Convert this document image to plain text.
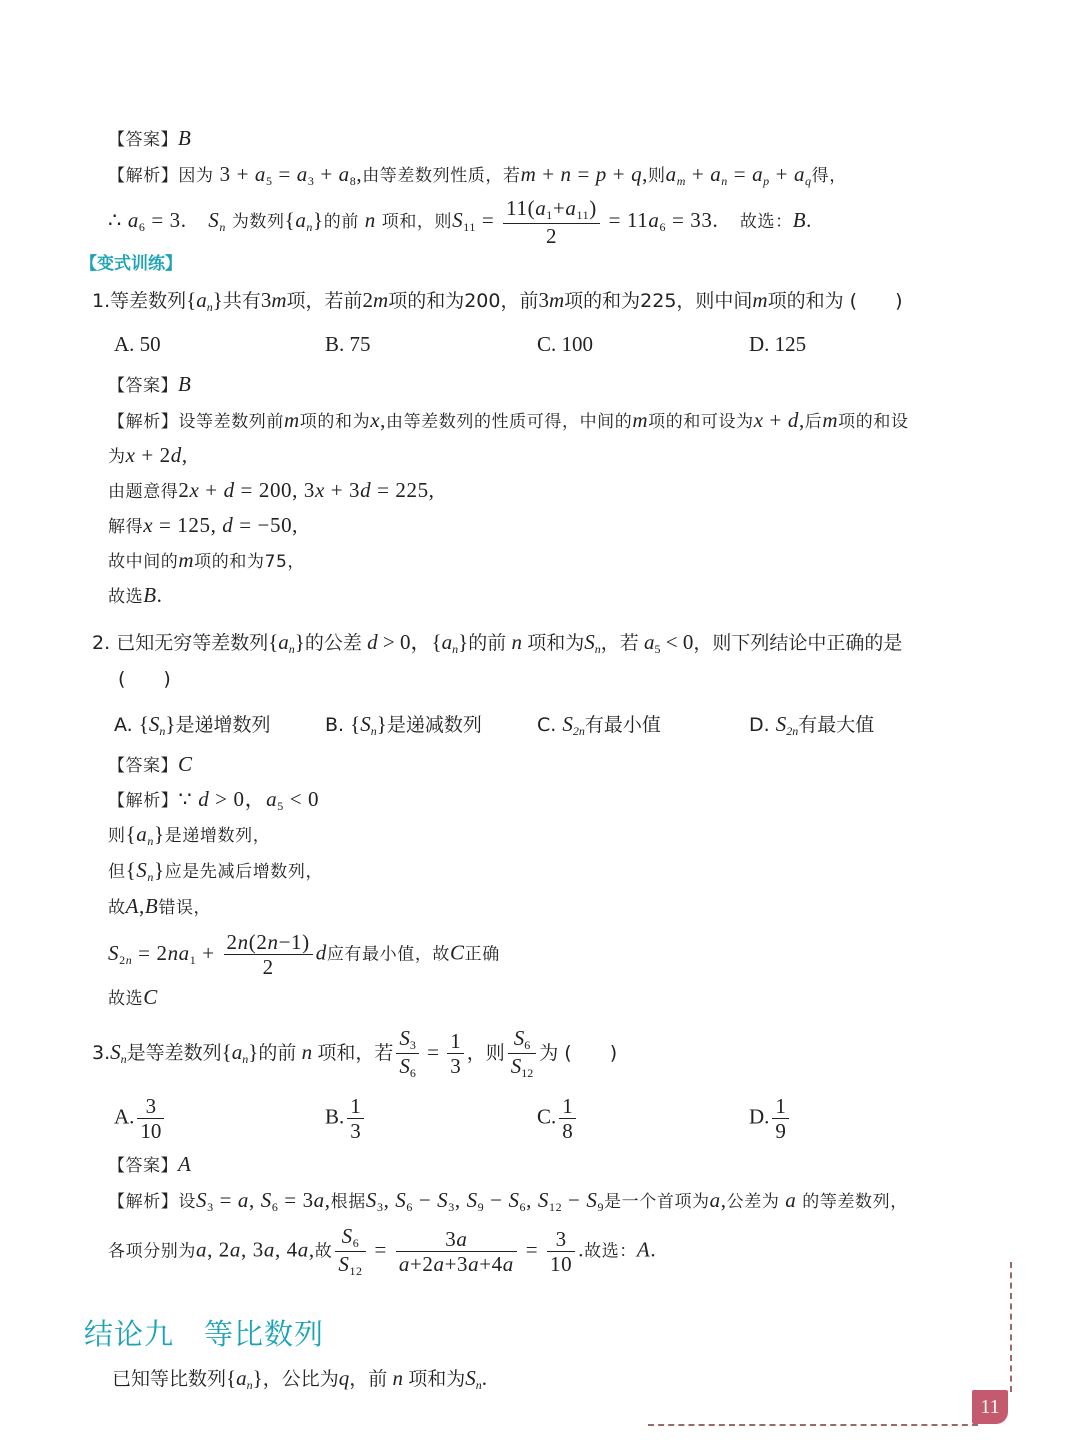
【答案】B
【解析】因为 $3 + a_5 = a_3 + a_8$,由等差数列性质，若m + n = p + q,则$a_m + a_n = a_p + a_q$得，
∴ $a_6 = 3$.　$S_n$ 为数列$\{a_n\}$的前 n 项和，则$S_{11} = \frac{11(a_1+a_{11})}{2} = 11a_6 = 33$.　故选：B.
【变式训练】
1.等差数列$\{a_n\}$共有3m项，若前2m项的和为200，前3m项的和为225，则中间m项的和为 (　　)
A. 50	B. 75	C. 100	D. 125
【答案】B
【解析】设等差数列前m项的和为x,由等差数列的性质可得，中间的m项的和可设为x + d,后m项的和设
为x + 2d,
由题意得2x + d = 200, 3x + 3d = 225,
解得x = 125, d = −50,
故中间的m项的和为75，
故选B.
2. 已知无穷等差数列$\{a_n\}$的公差 d > 0，$\{a_n\}$的前 n 项和为$S_n$，若 $a_5 < 0$，则下列结论中正确的是
(　　)
A. $\{S_n\}$是递增数列	B. $\{S_n\}$是递减数列	C. $S_{2n}$有最小值	D. $S_{2n}$有最大值
【答案】C
【解析】∵ d > 0，$a_5 < 0$
则$\{a_n\}$是递增数列，
但$\{S_n\}$应是先减后增数列，
故A,B错误，
$S_{2n} = 2na_1 + \frac{2n(2n-1)}{2}$ d应有最小值，故C正确
故选C
$3.S_n$是等差数列$\{a_n\}$的前 n 项和，若 $\frac{S_3}{S_6} = \frac{1}{3}$ ，则 $\frac{S_6}{S_{12}}$ 为 (　　)
A. $\frac{3}{10}$	B. $\frac{1}{3}$	C. $\frac{1}{8}$	D. $\frac{1}{9}$
【答案】A
【解析】设$S_3 = a$, $S_6 = 3a$,根据$S_3$, $S_6 - S_3$, $S_9 - S_6$, $S_{12} - S_9$是一个首项为a,公差为 a 的等差数列，
各项分别为a, 2a, 3a, 4a,故 $\frac{S_6}{S_{12}} = \frac{3a}{a+2a+3a+4a} = \frac{3}{10}$ .故选：A.
结论九　等比数列
已知等比数列$\{a_n\}$，公比为q，前 n 项和为$S_n$.
11
